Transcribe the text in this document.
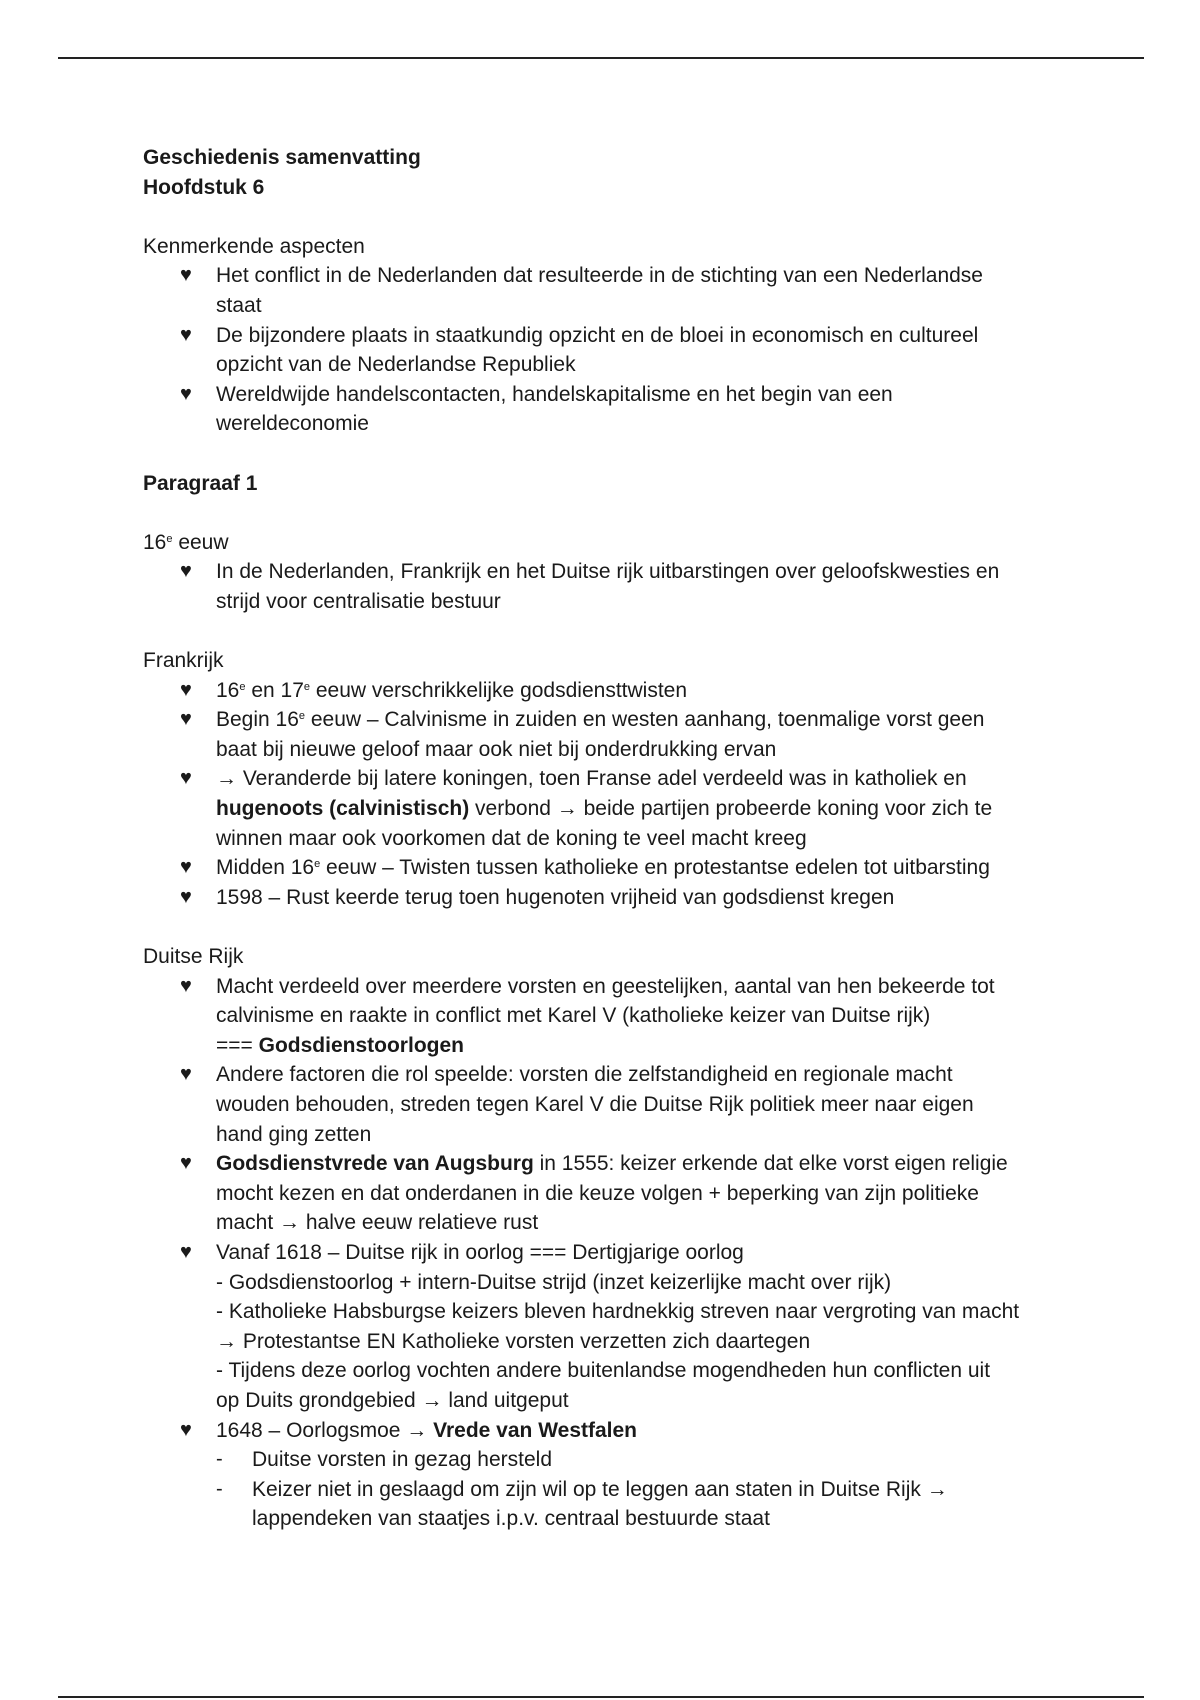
Geschiedenis samenvatting
Hoofdstuk 6
Kenmerkende aspecten
♥ Het conflict in de Nederlanden dat resulteerde in de stichting van een Nederlandse
staat
♥ De bijzondere plaats in staatkundig opzicht en de bloei in economisch en cultureel
opzicht van de Nederlandse Republiek
♥ Wereldwijde handelscontacten, handelskapitalisme en het begin van een
wereldeconomie
Paragraaf 1
16e eeuw
♥ In de Nederlanden, Frankrijk en het Duitse rijk uitbarstingen over geloofskwesties en
strijd voor centralisatie bestuur
Frankrijk
♥ 16e en 17e eeuw verschrikkelijke godsdiensttwisten
♥ Begin 16e eeuw – Calvinisme in zuiden en westen aanhang, toenmalige vorst geen
baat bij nieuwe geloof maar ook niet bij onderdrukking ervan
♥ → Veranderde bij latere koningen, toen Franse adel verdeeld was in katholiek en
hugenoots (calvinistisch) verbond → beide partijen probeerde koning voor zich te
winnen maar ook voorkomen dat de koning te veel macht kreeg
♥ Midden 16e eeuw – Twisten tussen katholieke en protestantse edelen tot uitbarsting
♥ 1598 – Rust keerde terug toen hugenoten vrijheid van godsdienst kregen
Duitse Rijk
♥ Macht verdeeld over meerdere vorsten en geestelijken, aantal van hen bekeerde tot
calvinisme en raakte in conflict met Karel V (katholieke keizer van Duitse rijk)
=== Godsdienstoorlogen
♥ Andere factoren die rol speelde: vorsten die zelfstandigheid en regionale macht
wouden behouden, streden tegen Karel V die Duitse Rijk politiek meer naar eigen
hand ging zetten
♥ Godsdienstvrede van Augsburg in 1555: keizer erkende dat elke vorst eigen religie
mocht kezen en dat onderdanen in die keuze volgen + beperking van zijn politieke
macht → halve eeuw relatieve rust
♥ Vanaf 1618 – Duitse rijk in oorlog === Dertigjarige oorlog
- Godsdienstoorlog + intern-Duitse strijd (inzet keizerlijke macht over rijk)
- Katholieke Habsburgse keizers bleven hardnekkig streven naar vergroting van macht
→ Protestantse EN Katholieke vorsten verzetten zich daartegen
- Tijdens deze oorlog vochten andere buitenlandse mogendheden hun conflicten uit
op Duits grondgebied → land uitgeput
♥ 1648 – Oorlogsmoe → Vrede van Westfalen
- Duitse vorsten in gezag hersteld
- Keizer niet in geslaagd om zijn wil op te leggen aan staten in Duitse Rijk →
lappendeken van staatjes i.p.v. centraal bestuurde staat
